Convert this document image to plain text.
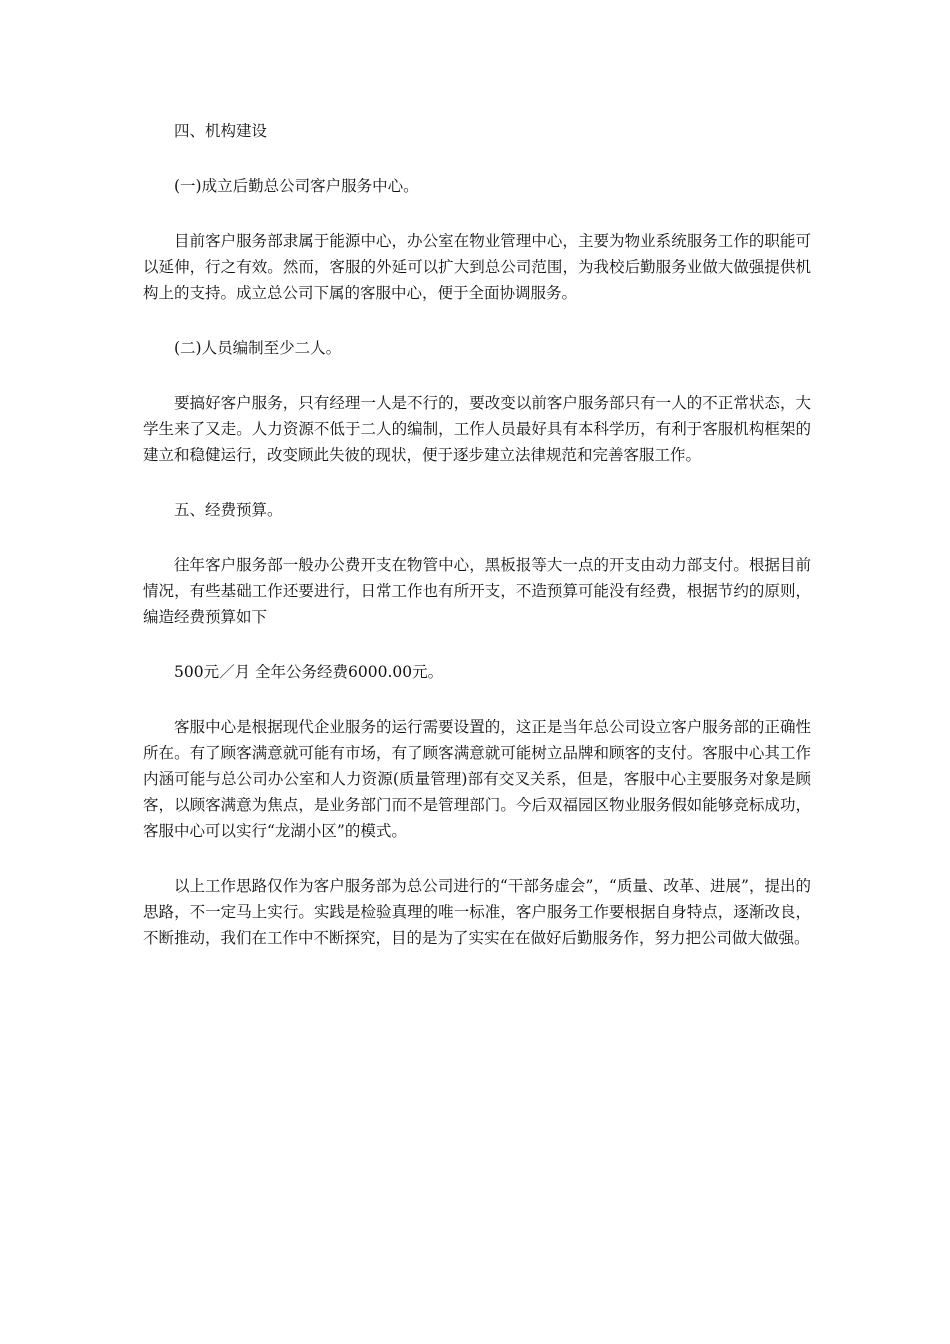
四、机构建设

(一)成立后勤总公司客户服务中心。

目前客户服务部隶属于能源中心，办公室在物业管理中心，主要为物业系统服务工作的职能可以延伸，行之有效。然而，客服的外延可以扩大到总公司范围，为我校后勤服务业做大做强提供机构上的支持。成立总公司下属的客服中心，便于全面协调服务。

(二)人员编制至少二人。

要搞好客户服务，只有经理一人是不行的，要改变以前客户服务部只有一人的不正常状态，大学生来了又走。人力资源不低于二人的编制，工作人员最好具有本科学历，有利于客服机构框架的建立和稳健运行，改变顾此失彼的现状，便于逐步建立法律规范和完善客服工作。

五、经费预算。

往年客户服务部一般办公费开支在物管中心，黑板报等大一点的开支由动力部支付。根据目前情况，有些基础工作还要进行，日常工作也有所开支，不造预算可能没有经费，根据节约的原则，编造经费预算如下

500元／月 全年公务经费6000.00元。

客服中心是根据现代企业服务的运行需要设置的，这正是当年总公司设立客户服务部的正确性所在。有了顾客满意就可能有市场，有了顾客满意就可能树立品牌和顾客的支付。客服中心其工作内涵可能与总公司办公室和人力资源(质量管理)部有交叉关系，但是，客服中心主要服务对象是顾客，以顾客满意为焦点，是业务部门而不是管理部门。今后双福园区物业服务假如能够竞标成功，客服中心可以实行“龙湖小区”的模式。

以上工作思路仅作为客户服务部为总公司进行的“干部务虚会”，“质量、改革、进展”，提出的思路，不一定马上实行。实践是检验真理的唯一标准，客户服务工作要根据自身特点，逐渐改良，不断推动，我们在工作中不断探究，目的是为了实实在在做好后勤服务作，努力把公司做大做强。
